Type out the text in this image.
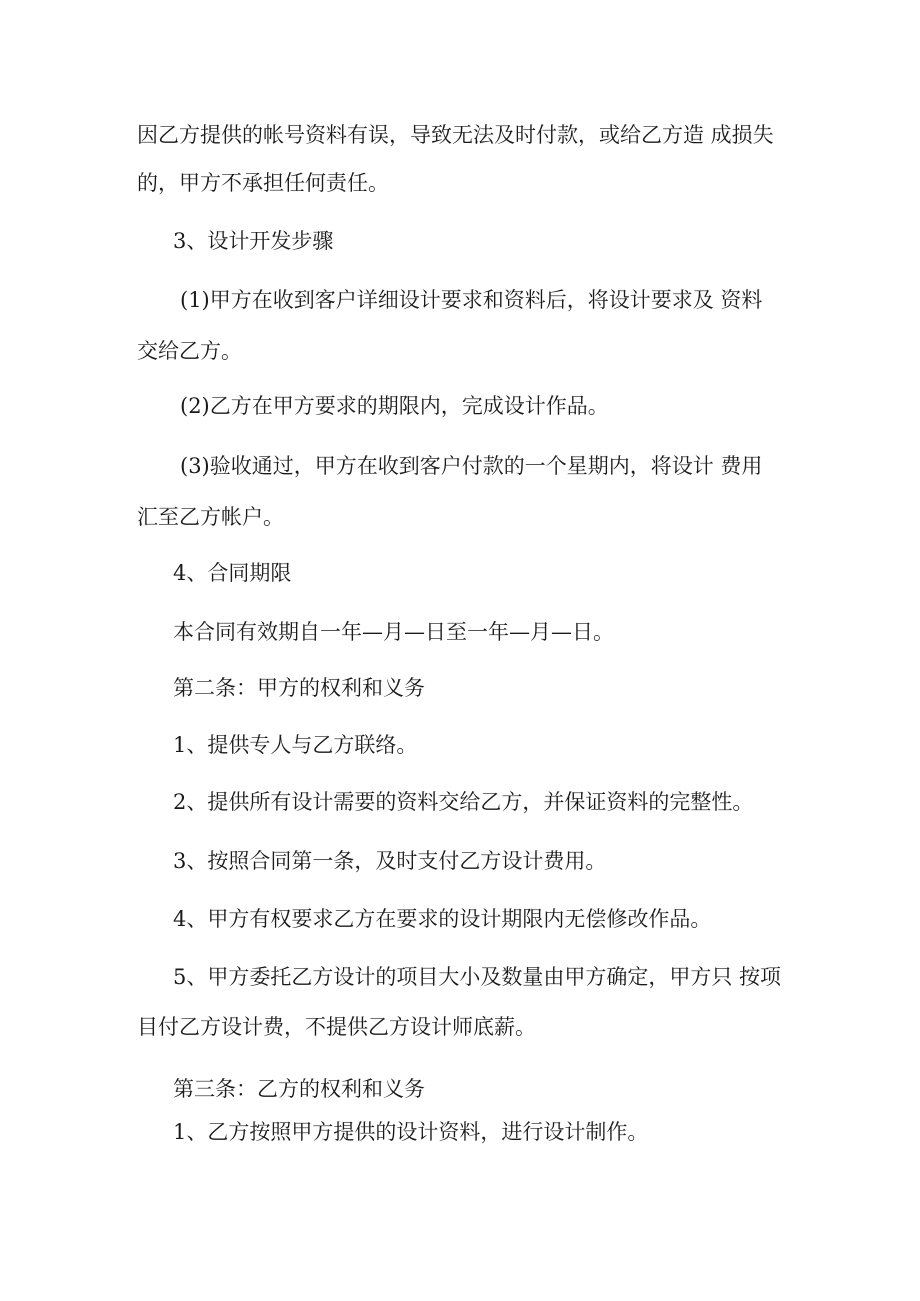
因乙方提供的帐号资料有误，导致无法及时付款，或给乙方造 成损失
的，甲方不承担任何责任。
3、设计开发步骤
(1)甲方在收到客户详细设计要求和资料后，将设计要求及 资料
交给乙方。
(2)乙方在甲方要求的期限内，完成设计作品。
(3)验收通过，甲方在收到客户付款的一个星期内，将设计 费用
汇至乙方帐户。
4、合同期限
本合同有效期自一年—月—日至一年—月—日。
第二条：甲方的权利和义务
1、提供专人与乙方联络。
2、提供所有设计需要的资料交给乙方，并保证资料的完整性。
3、按照合同第一条，及时支付乙方设计费用。
4、甲方有权要求乙方在要求的设计期限内无偿修改作品。
5、甲方委托乙方设计的项目大小及数量由甲方确定，甲方只 按项
目付乙方设计费，不提供乙方设计师底薪。
第三条：乙方的权利和义务
1、乙方按照甲方提供的设计资料，进行设计制作。
